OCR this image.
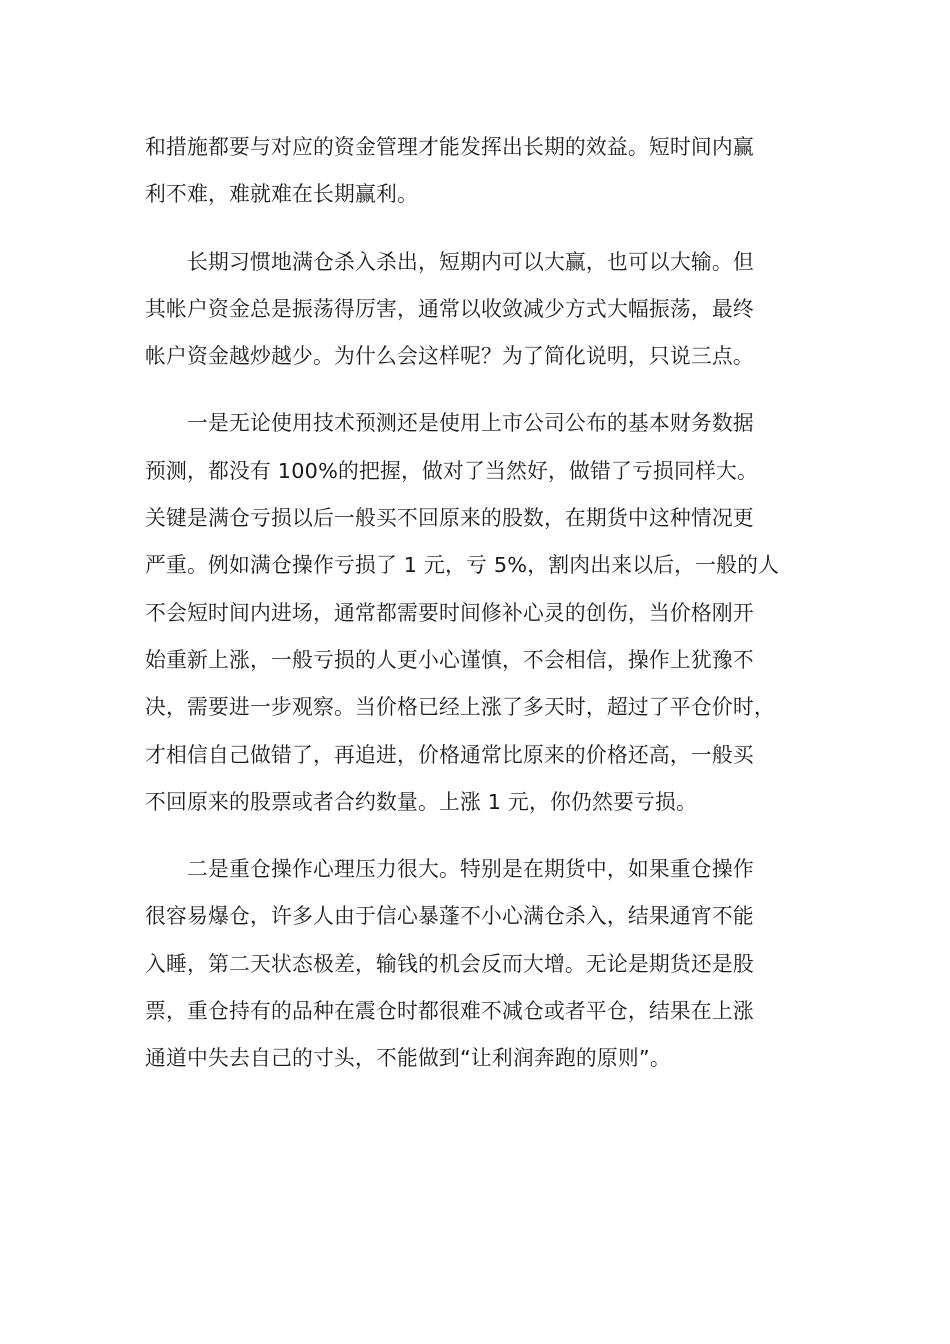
和措施都要与对应的资金管理才能发挥出长期的效益。短时间内赢
利不难，难就难在长期赢利。
　　长期习惯地满仓杀入杀出，短期内可以大赢，也可以大输。但
其帐户资金总是振荡得厉害，通常以收敛减少方式大幅振荡，最终
帐户资金越炒越少。为什么会这样呢？为了简化说明，只说三点。
　　一是无论使用技术预测还是使用上市公司公布的基本财务数据
预测，都没有 100%的把握，做对了当然好，做错了亏损同样大。
关键是满仓亏损以后一般买不回原来的股数，在期货中这种情况更
严重。例如满仓操作亏损了 1 元，亏 5%，割肉出来以后，一般的人
不会短时间内进场，通常都需要时间修补心灵的创伤，当价格刚开
始重新上涨，一般亏损的人更小心谨慎，不会相信，操作上犹豫不
决，需要进一步观察。当价格已经上涨了多天时，超过了平仓价时，
才相信自己做错了，再追进，价格通常比原来的价格还高，一般买
不回原来的股票或者合约数量。上涨 1 元，你仍然要亏损。
　　二是重仓操作心理压力很大。特别是在期货中，如果重仓操作
很容易爆仓，许多人由于信心暴蓬不小心满仓杀入，结果通宵不能
入睡，第二天状态极差，输钱的机会反而大增。无论是期货还是股
票，重仓持有的品种在震仓时都很难不减仓或者平仓，结果在上涨
通道中失去自己的寸头，不能做到“让利润奔跑的原则”。
